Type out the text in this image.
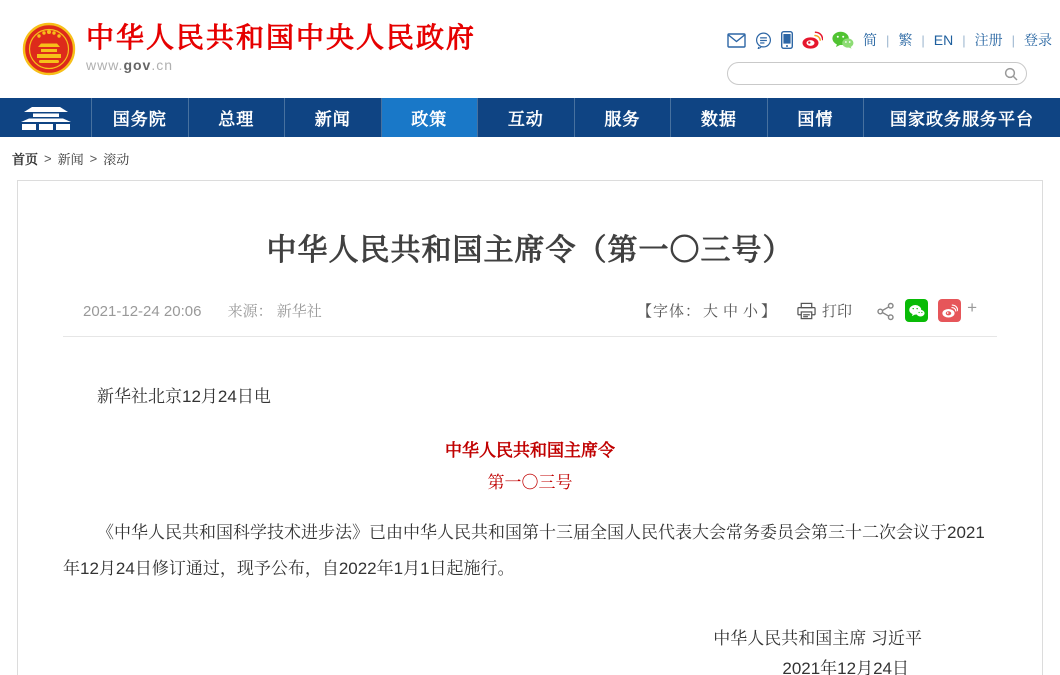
中华人民共和国中央人民政府
www.gov.cn
简 | 繁 | EN | 注册 | 登录
国务院	总理	新闻	政策	互动	服务	数据	国情	国家政务服务平台
首页 > 新闻 > 滚动
中华人民共和国主席令（第一〇三号）
2021-12-24 20:06 来源： 新华社	【字体： 大 中 小 】	打印	+

新华社北京12月24日电

中华人民共和国主席令

第一〇三号

《中华人民共和国科学技术进步法》已由中华人民共和国第十三届全国人民代表大会常务委员会第三十二次会议于2021年12月24日修订通过，现予公布，自2022年1月1日起施行。

中华人民共和国主席 习近平

2021年12月24日
